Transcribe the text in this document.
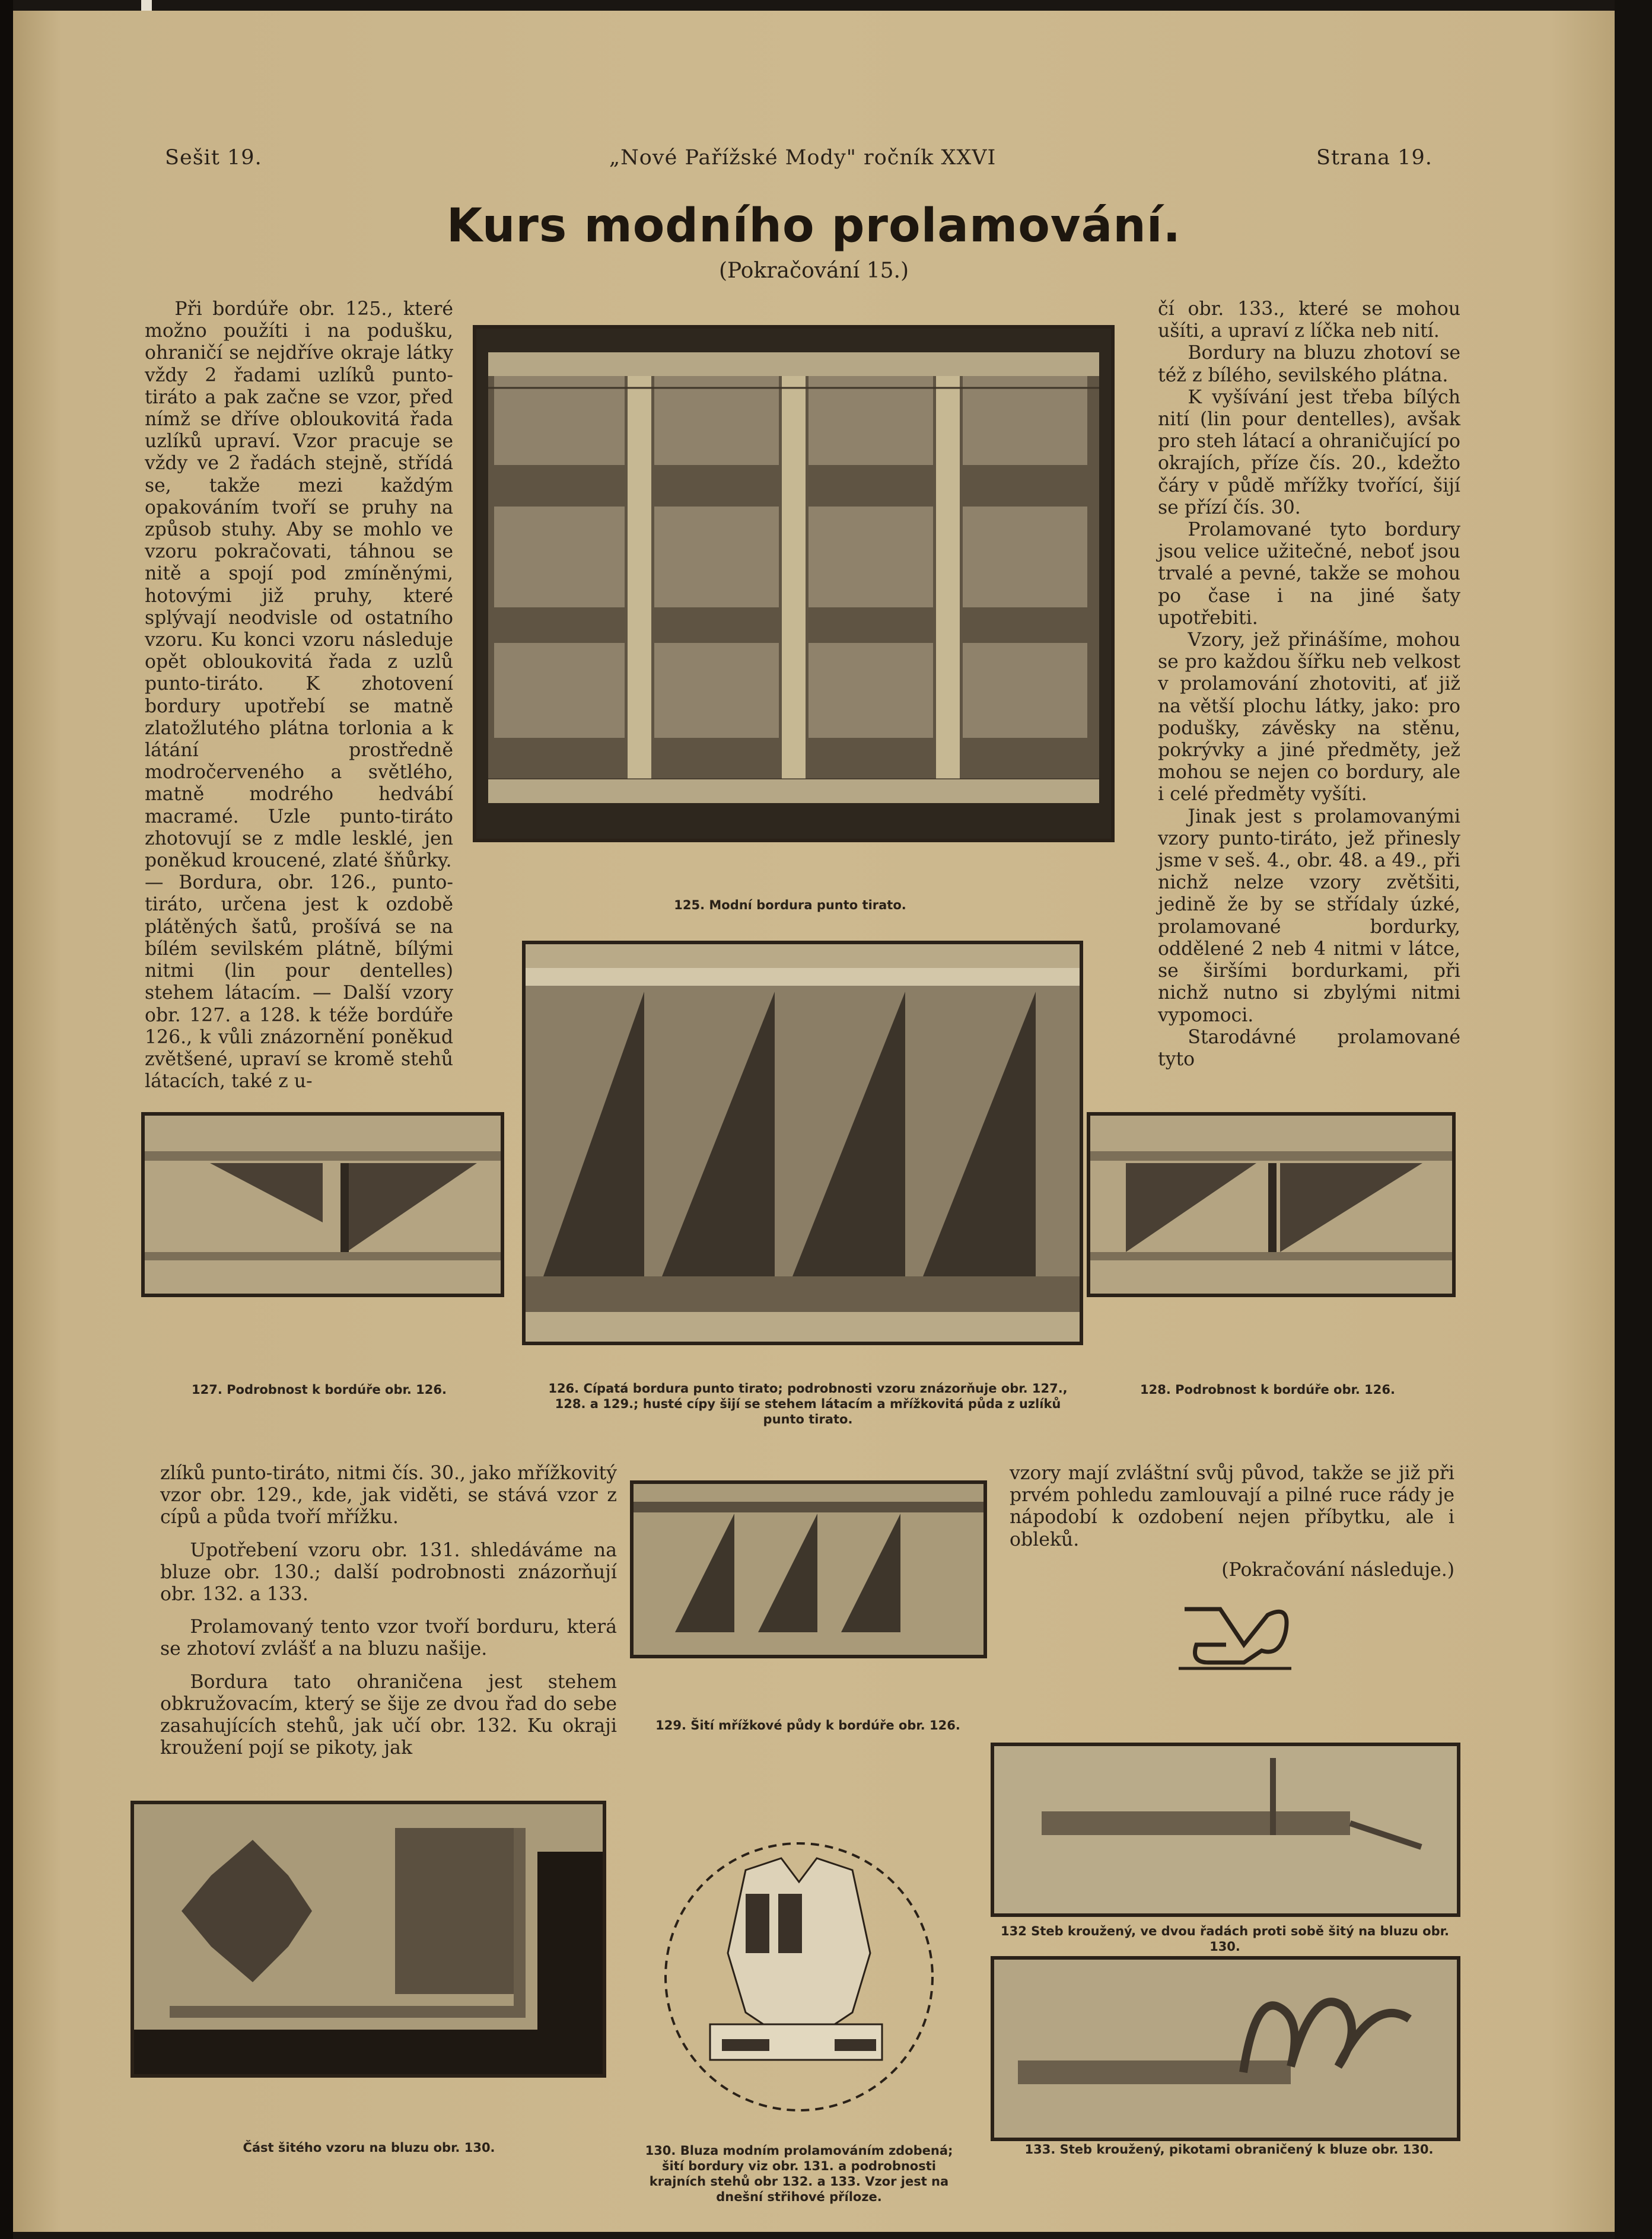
Sešit 19.	„Nové Pařížské Mody" ročník XXVI	Strana 19.
Kurs modního prolamování.
(Pokračování 15.)

Při bordúře obr. 125., které možno použíti i na podušku, ohraničí se nejdříve okraje látky vždy 2 řadami uzlíků punto-tiráto a pak začne se vzor, před nímž se dříve obloukovitá řada uzlíků upraví. Vzor pracuje se vždy ve 2 řadách stejně, střídá se, takže mezi každým opakováním tvoří se pruhy na způsob stuhy. Aby se mohlo ve vzoru pokračovati, táhnou se nitě a spojí pod zmíněnými, hotovými již pruhy, které splývají neodvisle od ostatního vzoru. Ku konci vzoru následuje opět obloukovitá řada z uzlů punto-tiráto. K zhotovení bordury upotřebí se matně zlatožlutého plátna torlonia a k látání prostředně modročerveného a světlého, matně modrého hedvábí macramé. Uzle punto-tiráto zhotovují se z mdle lesklé, jen poněkud kroucené, zlaté šňůrky.

— Bordura, obr. 126., punto-tiráto, určena jest k ozdobě plátěných šatů, prošívá se na bílém sevilském plátně, bílými nitmi (lin pour dentelles) stehem látacím. — Další vzory obr. 127. a 128. k téže bordúře 126., k vůli znázornění poněkud zvětšené, upraví se kromě stehů látacích, také z u-

čí obr. 133., které se mohou ušíti, a upraví z líčka neb nití.

Bordury na bluzu zhotoví se též z bílého, sevilského plátna.

K vyšívání jest třeba bílých nití (lin pour dentelles), avšak pro steh látací a ohraničující po okrajích, příze čís. 20., kdežto čáry v půdě mřížky tvořící, šijí se přízí čís. 30.

Prolamované tyto bordury jsou velice užitečné, neboť jsou trvalé a pevné, takže se mohou po čase i na jiné šaty upotřebiti.

Vzory, jež přinášíme, mohou se pro každou šířku neb velkost v prolamování zhotoviti, ať již na větší plochu látky, jako: pro podušky, závěsky na stěnu, pokrývky a jiné předměty, jež mohou se nejen co bordury, ale i celé předměty vyšíti.

Jinak jest s prolamovanými vzory punto-tiráto, jež přinesly jsme v seš. 4., obr. 48. a 49., při nichž nelze vzory zvětšiti, jedině že by se střídaly úzké, prolamované bordurky, oddělené 2 neb 4 nitmi v látce, se širšími bordurkami, při nichž nutno si zbylými nitmi vypomoci.

Starodávné prolamované tyto

125. Modní bordura punto tirato.
127. Podrobnost k bordúře obr. 126.	126. Cípatá bordura punto tirato; podrobnosti vzoru znázorňuje obr. 127., 128. a 129.; husté cípy šijí se stehem látacím a mřížkovitá půda z uzlíků punto tirato.
128. Podrobnost k bordúře obr. 126.

zlíků punto-tiráto, nitmi čís. 30., jako mřížkovitý vzor obr. 129., kde, jak viděti, se stává vzor z cípů a půda tvoří mřížku.

Upotřebení vzoru obr. 131. shledáváme na bluze obr. 130.; další podrobnosti znázorňují obr. 132. a 133.

Prolamovaný tento vzor tvoří borduru, která se zhotoví zvlášť a na bluzu našije.

Bordura tato ohraničena jest stehem obkružovacím, který se šije ze dvou řad do sebe zasahujících stehů, jak učí obr. 132. Ku okraji kroužení pojí se pikoty, jak

129. Šití mřížkové půdy k bordúře obr. 126.

vzory mají zvláštní svůj původ, takže se již při prvém pohledu zamlouvají a pilné ruce rády je nápodobí k ozdobení nejen příbytku, ale i obleků.

(Pokračování následuje.)

132 Steb kroužený, ve dvou řadách proti sobě šitý na bluzu obr. 130.
Část šitého vzoru na bluzu obr. 130.	130. Bluza modním prolamováním zdobená; šití bordury viz obr. 131. a podrobnosti krajních stehů obr 132. a 133. Vzor jest na dnešní střihové příloze.
133. Steb kroužený, pikotami obraničený k bluze obr. 130.
